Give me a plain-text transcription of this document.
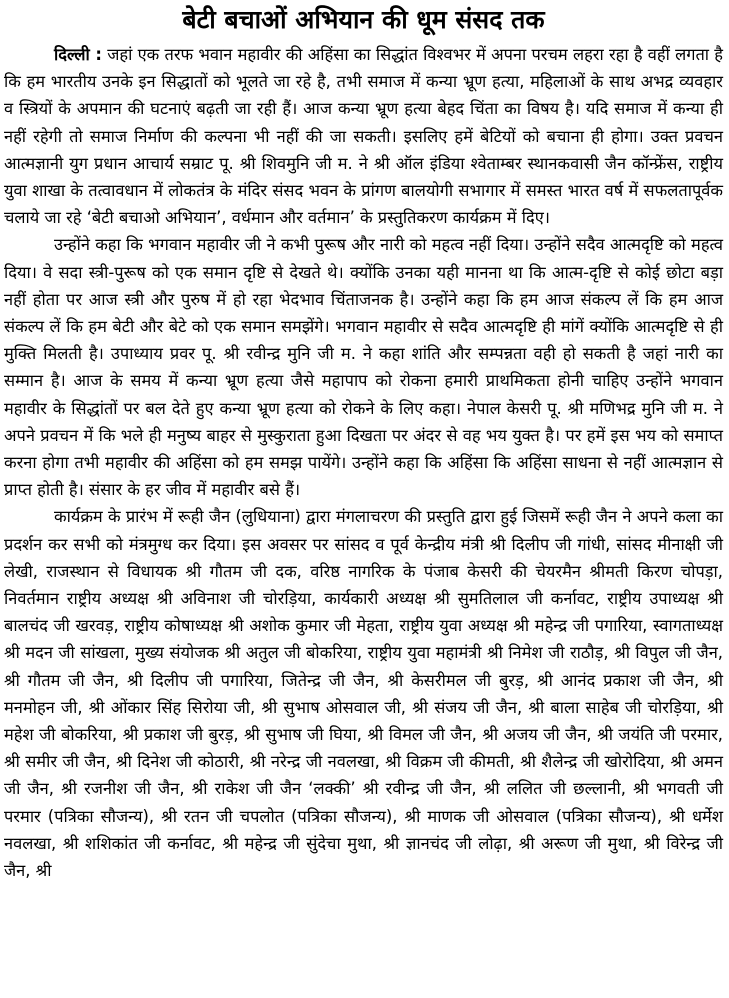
बेटी बचाओं अभियान की धूम संसद तक

दिल्ली : जहां एक तरफ भवान महावीर की अहिंसा का सिद्धांत विश्वभर में अपना परचम लहरा रहा है वहीं लगता है कि हम भारतीय उनके इन सिद्धातों को भूलते जा रहे है, तभी समाज में कन्या भ्रूण हत्या, महिलाओं के साथ अभद्र व्यवहार व स्त्रियों के अपमान की घटनाएं बढ़ती जा रही हैं। आज कन्या भ्रूण हत्या बेहद चिंता का विषय है। यदि समाज में कन्या ही नहीं रहेगी तो समाज निर्माण की कल्पना भी नहीं की जा सकती। इसलिए हमें बेटियों को बचाना ही होगा। उक्त प्रवचन आत्मज्ञानी युग प्रधान आचार्य सम्राट पू. श्री शिवमुनि जी म. ने श्री ऑल इंडिया श्वेताम्बर स्थानकवासी जैन कॉन्फ्रेंस, राष्ट्रीय युवा शाखा के तत्वावधान में लोकतंत्र के मंदिर संसद भवन के प्रांगण बालयोगी सभागार में समस्त भारत वर्ष में सफलतापूर्वक चलाये जा रहे ‘बेटी बचाओ अभियान’, वर्धमान और वर्तमान’ के प्रस्तुतिकरण कार्यक्रम में दिए।

उन्होंने कहा कि भगवान महावीर जी ने कभी पुरूष और नारी को महत्व नहीं दिया। उन्होंने सदैव आत्मदृष्टि को महत्व दिया। वे सदा स्त्री-पुरूष को एक समान दृष्टि से देखते थे। क्योंकि उनका यही मानना था कि आत्म-दृष्टि से कोई छोटा बड़ा नहीं होता पर आज स्त्री और पुरुष में हो रहा भेदभाव चिंताजनक है। उन्होंने कहा कि हम आज संकल्प लें कि हम आज संकल्प लें कि हम बेटी और बेटे को एक समान समझेंगे। भगवान महावीर से सदैव आत्मदृष्टि ही मांगें क्योंकि आत्मदृष्टि से ही मुक्ति मिलती है। उपाध्याय प्रवर पू. श्री रवीन्द्र मुनि जी म. ने कहा शांति और सम्पन्नता वही हो सकती है जहां नारी का सम्मान है। आज के समय में कन्या भ्रूण हत्या जैसे महापाप को रोकना हमारी प्राथमिकता होनी चाहिए उन्होंने भगवान महावीर के सिद्धांतों पर बल देते हुए कन्या भ्रूण हत्या को रोकने के लिए कहा। नेपाल केसरी पू. श्री मणिभद्र मुनि जी म. ने अपने प्रवचन में कि भले ही मनुष्य बाहर से मुस्कुराता हुआ दिखता पर अंदर से वह भय युक्त है। पर हमें इस भय को समाप्त करना होगा तभी महावीर की अहिंसा को हम समझ पायेंगे। उन्होंने कहा कि अहिंसा कि अहिंसा साधना से नहीं आत्मज्ञान से प्राप्त होती है। संसार के हर जीव में महावीर बसे हैं।

कार्यक्रम के प्रारंभ में रूही जैन (लुधियाना) द्वारा मंगलाचरण की प्रस्तुति द्वारा हुई जिसमें रूही जैन ने अपने कला का प्रदर्शन कर सभी को मंत्रमुग्ध कर दिया। इस अवसर पर सांसद व पूर्व केन्द्रीय मंत्री श्री दिलीप जी गांधी, सांसद मीनाक्षी जी लेखी, राजस्थान से विधायक श्री गौतम जी दक, वरिष्ठ नागरिक के पंजाब केसरी की चेयरमैन श्रीमती किरण चोपड़ा, निवर्तमान राष्ट्रीय अध्यक्ष श्री अविनाश जी चोरड़िया, कार्यकारी अध्यक्ष श्री सुमतिलाल जी कर्नावट, राष्ट्रीय उपाध्यक्ष श्री बालचंद जी खरवड़, राष्ट्रीय कोषाध्यक्ष श्री अशोक कुमार जी मेहता, राष्ट्रीय युवा अध्यक्ष श्री महेन्द्र जी पगारिया, स्वागताध्यक्ष श्री मदन जी सांखला, मुख्य संयोजक श्री अतुल जी बोकरिया, राष्ट्रीय युवा महामंत्री श्री निमेश जी राठौड़, श्री विपुल जी जैन, श्री गौतम जी जैन, श्री दिलीप जी पगारिया, जितेन्द्र जी जैन, श्री केसरीमल जी बुरड़, श्री आनंद प्रकाश जी जैन, श्री मनमोहन जी, श्री ओंकार सिंह सिरोया जी, श्री सुभाष ओसवाल जी, श्री संजय जी जैन, श्री बाला साहेब जी चोरड़िया, श्री महेश जी बोकरिया, श्री प्रकाश जी बुरड़, श्री सुभाष जी घिया, श्री विमल जी जैन, श्री अजय जी जैन, श्री जयंति जी परमार, श्री समीर जी जैन, श्री दिनेश जी कोठारी, श्री नरेन्द्र जी नवलखा, श्री विक्रम जी कीमती, श्री शैलेन्द्र जी खोरोदिया, श्री अमन जी जैन, श्री रजनीश जी जैन, श्री राकेश जी जैन ‘लक्की’ श्री रवीन्द्र जी जैन, श्री ललित जी छल्लानी, श्री भगवती जी परमार (पत्रिका सौजन्य), श्री रतन जी चपलोत (पत्रिका सौजन्य), श्री माणक जी ओसवाल (पत्रिका सौजन्य), श्री धर्मेश नवलखा, श्री शशिकांत जी कर्नावट, श्री महेन्द्र जी सुंदेचा मुथा, श्री ज्ञानचंद जी लोढ़ा, श्री अरूण जी मुथा, श्री विरेन्द्र जी जैन, श्री
